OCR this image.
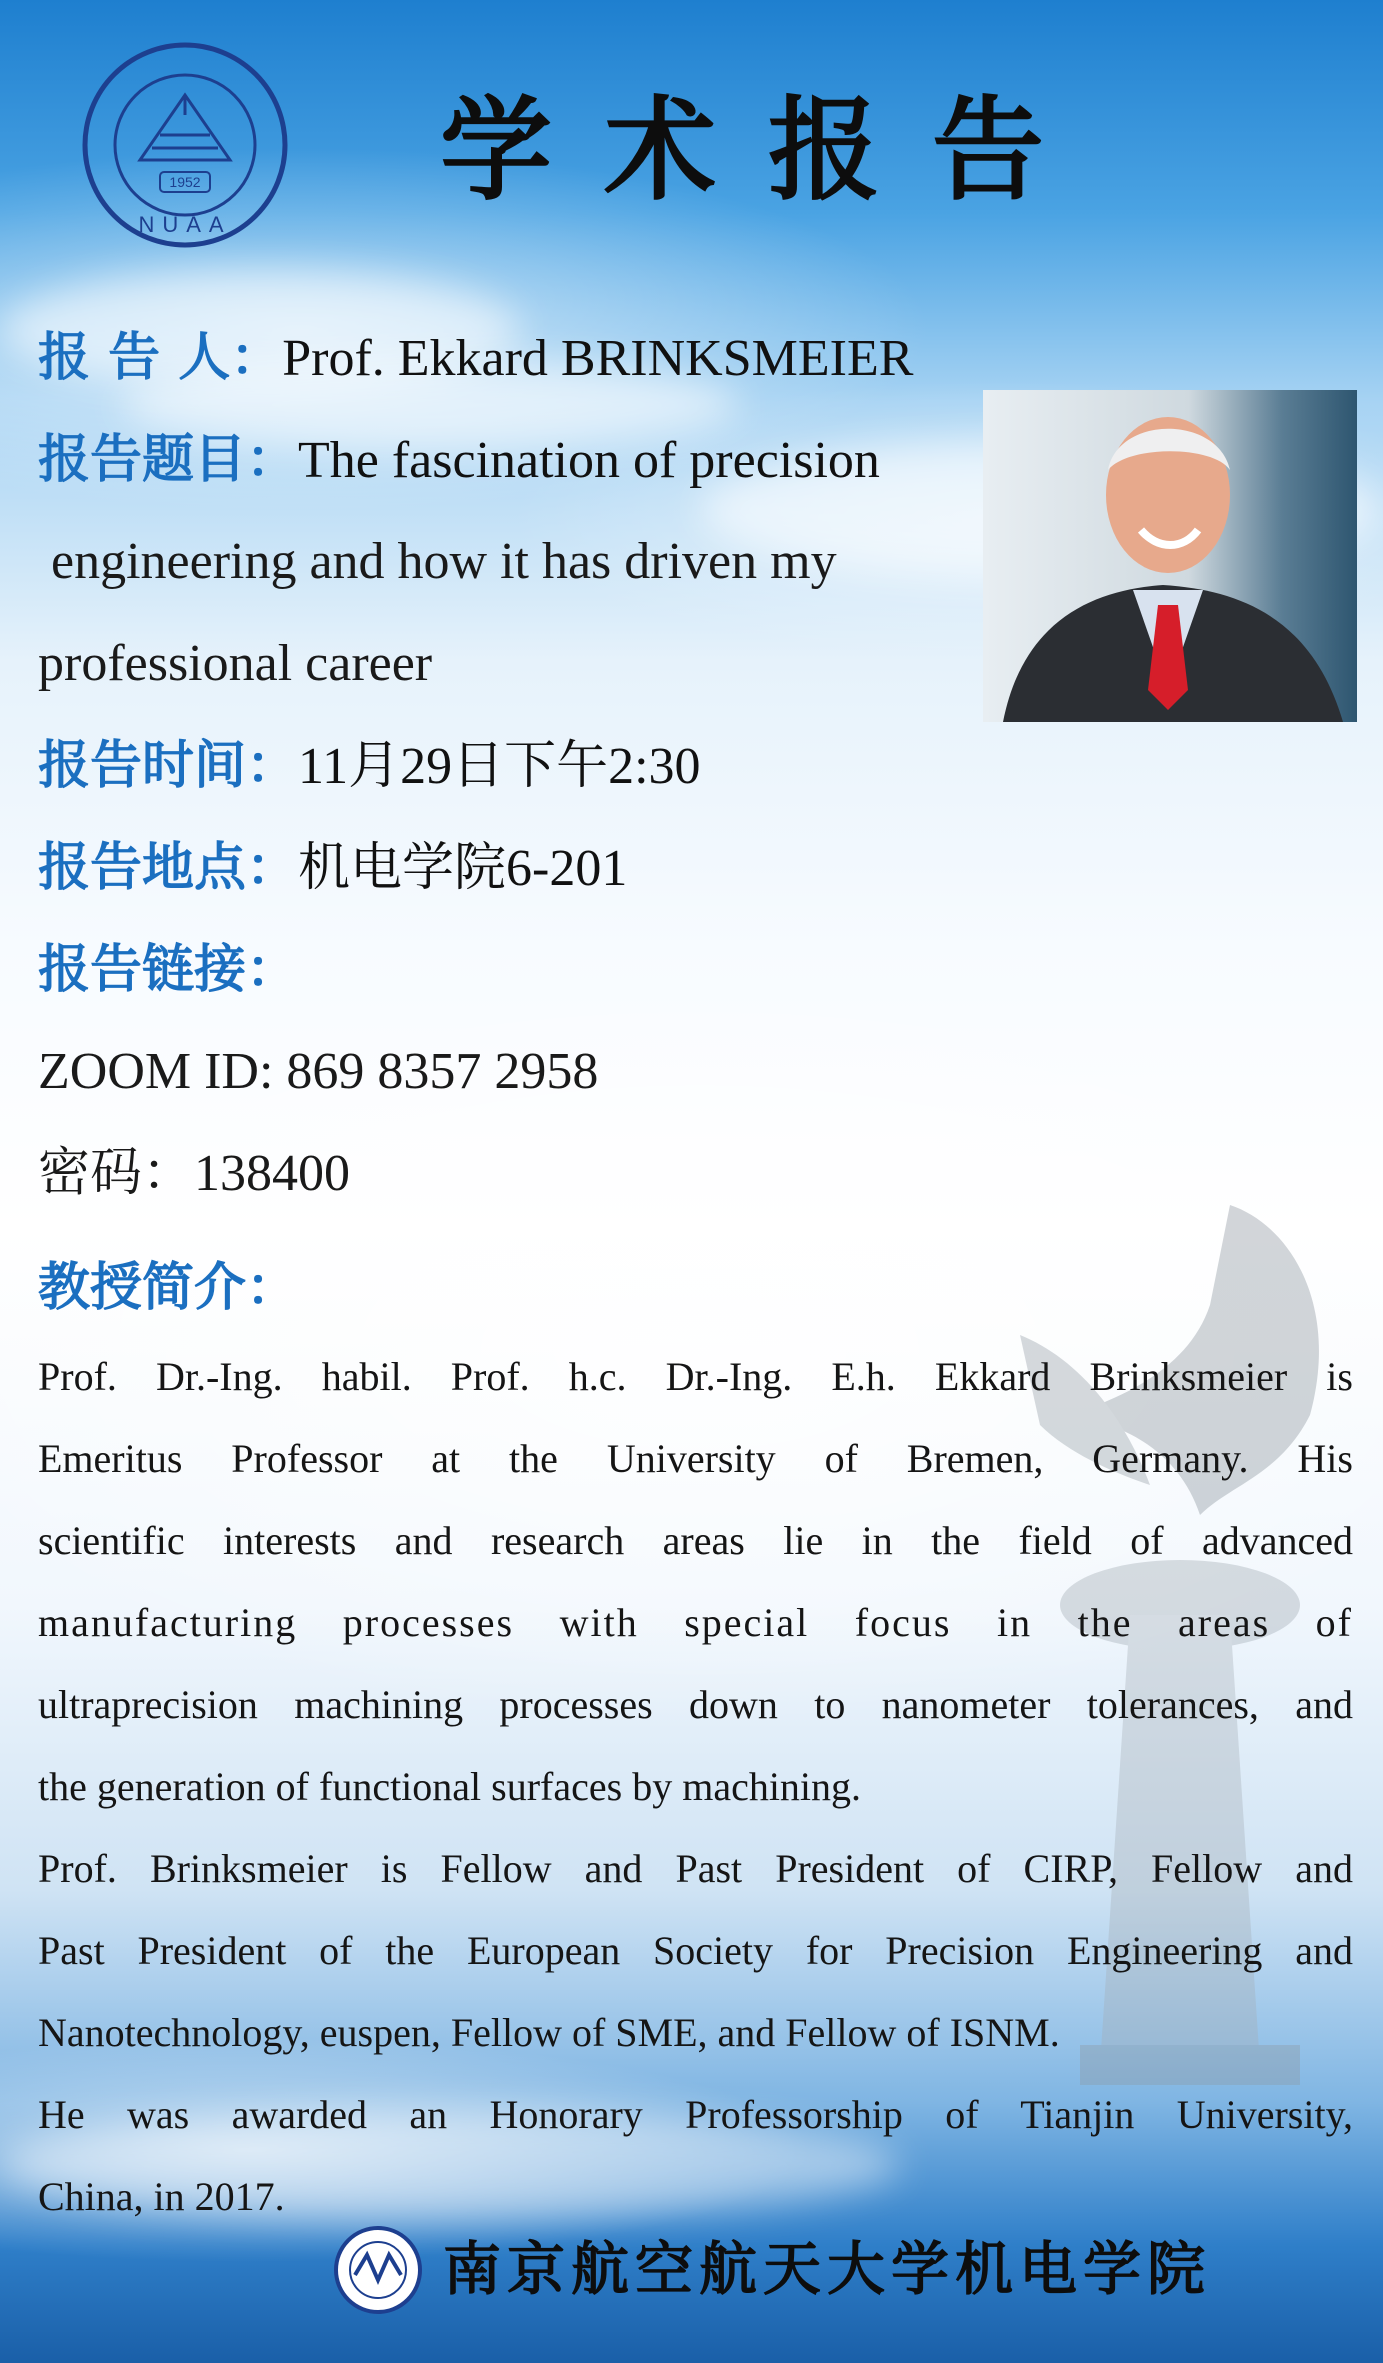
1952
NUAA
学术报告
报 告 人：Prof. Ekkard BRINKSMEIER
报告题目：The fascination of precision
engineering and how it has driven my
professional career
报告时间：11月29日下午2:30
报告地点：机电学院6-201
报告链接：
ZOOM ID: 869 8357 2958
密码：138400
教授简介：
Prof. Dr.-Ing. habil. Prof. h.c. Dr.-Ing. E.h. Ekkard Brinksmeier is
Emeritus Professor at the University of Bremen, Germany. His
scientific interests and research areas lie in the field of advanced
manufacturing processes with special focus in the areas of
ultraprecision machining processes down to nanometer tolerances, and
the generation of functional surfaces by machining.
Prof. Brinksmeier is Fellow and Past President of CIRP, Fellow and
Past President of the European Society for Precision Engineering and
Nanotechnology, euspen, Fellow of SME, and Fellow of ISNM.
He was awarded an Honorary Professorship of Tianjin University,
China, in 2017.
南京航空航天大学机电学院
